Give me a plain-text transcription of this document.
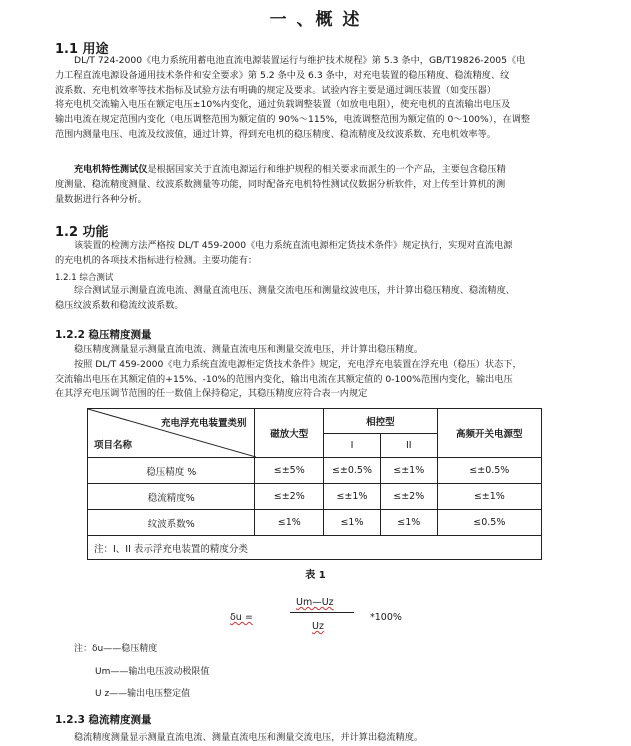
一 、概 述
1.1 用途
DL/T 724-2000《电力系统用蓄电池直流电源装置运行与维护技术规程》第 5.3 条中，GB/T19826-2005《电
力工程直流电源设备通用技术条件和安全要求》第 5.2 条中及 6.3 条中，对充电装置的稳压精度、稳流精度、纹
波系数、充电机效率等技术指标及试验方法有明确的规定及要求。试验内容主要是通过调压装置（如变压器）
将充电机交流输入电压在额定电压±10%内变化，通过负载调整装置（如放电电阻），使充电机的直流输出电压及
输出电流在规定范围内变化（电压调整范围为额定值的 90%～115%，电流调整范围为额定值的 0～100%），在调整
范围内测量电压、电流及纹波值，通过计算，得到充电机的稳压精度、稳流精度及纹波系数、充电机效率等。
充电机特性测试仪是根据国家关于直流电源运行和维护规程的相关要求而派生的一个产品，主要包含稳压精
度测量、稳流精度测量、纹波系数测量等功能，同时配备充电机特性测试仪数据分析软件，对上传至计算机的测
量数据进行各种分析。
1.2 功能
该装置的检测方法严格按 DL/T 459-2000《电力系统直流电源柜定货技术条件》规定执行，实现对直流电源
的充电机的各项技术指标进行检测。主要功能有：
1.2.1 综合测试
综合测试显示测量直流电流、测量直流电压、测量交流电压和测量纹波电压，并计算出稳压精度、稳流精度、
稳压纹波系数和稳流纹波系数。
1.2.2 稳压精度测量
稳压精度测量显示测量直流电流、测量直流电压和测量交流电压，并计算出稳压精度。
按照 DL/T 459-2000《电力系统直流电源柜定货技术条件》规定，充电浮充电装置在浮充电（稳压）状态下，
交流输出电压在其额定值的+15%、-10%的范围内变化，输出电流在其额定值的 0-100%范围内变化，输出电压
在其浮充电压调节范围的任一数值上保持稳定，其稳压精度应符合表一内规定
充电浮充电装置类别
项目名称	磁放大型	相控型		高频开关电源型
		I	II	
稳压精度 %	≤±5%	≤±0.5%	≤±1%	≤±0.5%
稳流精度%	≤±2%	≤±1%	≤±2%	≤±1%
纹波系数%	≤1%	≤1%	≤1%	≤0.5%
注：I、II 表示浮充电装置的精度分类				
表 1
δu =
Um—Uz
Uz
*100%
注：δu——稳压精度
Um——输出电压波动极限值
U z——输出电压整定值
1.2.3 稳流精度测量
稳流精度测量显示测量直流电流、测量直流电压和测量交流电压，并计算出稳流精度。
